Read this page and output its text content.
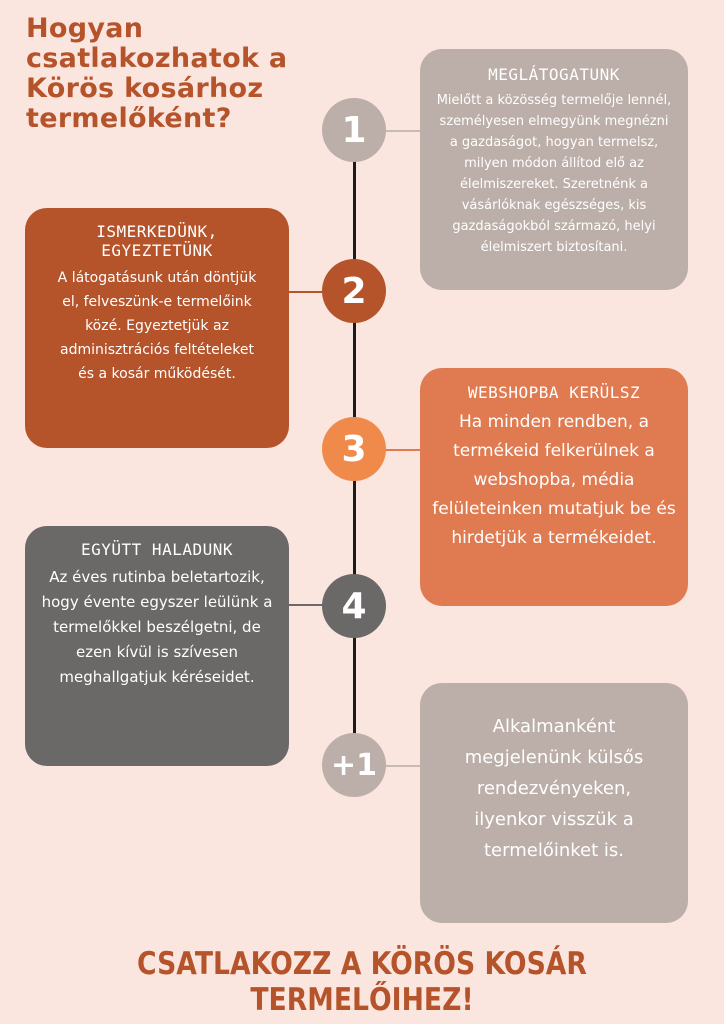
Hogyan csatlakozhatok a Körös kosárhoz termelőként?	1
2
3
4
+1
MEGLÁTOGATUNK
Mielőtt a közösség termelője lennél, személyesen elmegyünk megnézni a gazdaságot, hogyan termelsz, milyen módon állítod elő az élelmiszereket. Szeretnénk a vásárlóknak egészséges, kis gazdaságokból származó, helyi élelmiszert biztosítani.
ISMERKEDÜNK, EGYEZTETÜNK
A látogatásunk után döntjük el, felveszünk-e termelőink közé. Egyeztetjük az adminisztrációs feltételeket és a kosár működését.
WEBSHOPBA KERÜLSZ
Ha minden rendben, a termékeid felkerülnek a webshopba, média felületeinken mutatjuk be és hirdetjük a termékeidet.
EGYÜTT HALADUNK
Az éves rutinba beletartozik, hogy évente egyszer leülünk a termelőkkel beszélgetni, de ezen kívül is szívesen meghallgatjuk kéréseidet.
Alkalmanként megjelenünk külsős rendezvényeken, ilyenkor visszük a termelőinket is.
CSATLAKOZZ A KÖRÖS KOSÁR TERMELŐIHEZ!
